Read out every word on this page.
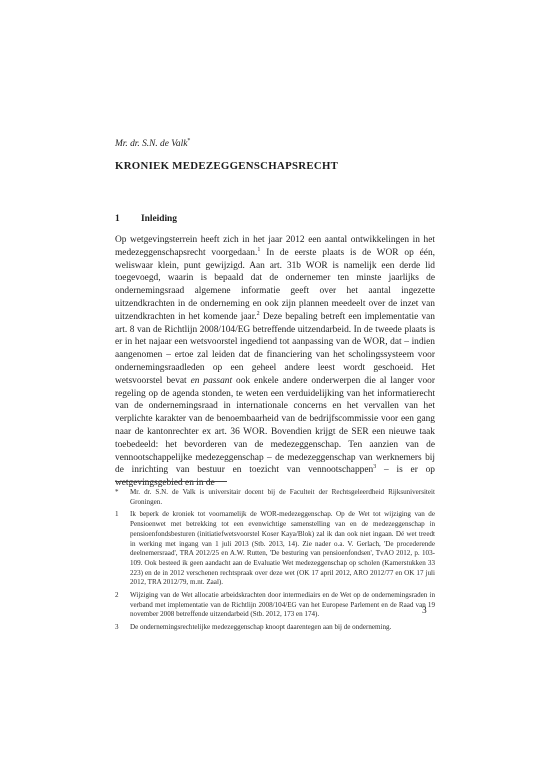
Mr. dr. S.N. de Valk*
KRONIEK MEDEZEGGENSCHAPSRECHT
1 Inleiding

Op wetgevingsterrein heeft zich in het jaar 2012 een aantal ontwikkelingen in het medezeggenschapsrecht voorgedaan.$^1$ In de eerste plaats is de WOR op één, weliswaar klein, punt gewijzigd. Aan art. 31b WOR is namelijk een derde lid toegevoegd, waarin is bepaald dat de ondernemer ten minste jaarlijks de ondernemingsraad algemene informatie geeft over het aantal ingezette uitzendkrachten in de onderneming en ook zijn plannen meedeelt over de inzet van uitzendkrachten in het komende jaar.$^2$ Deze bepaling betreft een implementatie van art. 8 van de Richtlijn 2008/104/EG betreffende uitzendarbeid. In de tweede plaats is er in het najaar een wetsvoorstel ingediend tot aanpassing van de WOR, dat – indien aangenomen – ertoe zal leiden dat de financiering van het scholingssysteem voor ondernemingsraadleden op een geheel andere leest wordt geschoeid. Het wetsvoorstel bevat en passant ook enkele andere onderwerpen die al langer voor regeling op de agenda stonden, te weten een verduidelijking van het informatierecht van de ondernemingsraad in internationale concerns en het vervallen van het verplichte karakter van de benoembaarheid van de bedrijfscommissie voor een gang naar de kantonrechter ex art. 36 WOR. Bovendien krijgt de SER een nieuwe taak toebedeeld: het bevorderen van de medezeggenschap. Ten aanzien van de vennootschappelijke medezeggenschap – de medezeggenschap van werknemers bij de inrichting van bestuur en toezicht van vennootschappen$^3$ – is er op wetgevingsgebied en in de

*	Mr. dr. S.N. de Valk is universitair docent bij de Faculteit der Rechtsgeleerdheid Rijksuniversiteit Groningen.
1	Ik beperk de kroniek tot voornamelijk de WOR-medezeggenschap. Op de Wet tot wijziging van de Pensioenwet met betrekking tot een evenwichtige samenstelling van en de medezeggenschap in pensioenfondsbesturen (initiatiefwetsvoorstel Koser Kaya/Blok) zal ik dan ook niet ingaan. Dé wet treedt in werking met ingang van 1 juli 2013 (Stb. 2013, 14). Zie nader o.a. V. Gerlach, 'De procederende deelnemersraad', TRA 2012/25 en A.W. Rutten, 'De besturing van pensioenfondsen', TvAO 2012, p. 103-109. Ook besteed ik geen aandacht aan de Evaluatie Wet medezeggenschap op scholen (Kamerstukken 33 223) en de in 2012 verschenen rechtspraak over deze wet (OK 17 april 2012, ARO 2012/77 en OK 17 juli 2012, TRA 2012/79, m.nt. Zaal).
2	Wijziging van de Wet allocatie arbeidskrachten door intermediairs en de Wet op de ondernemingsraden in verband met implementatie van de Richtlijn 2008/104/EG van het Europese Parlement en de Raad van 19 november 2008 betreffende uitzendarbeid (Stb. 2012, 173 en 174).
3	De ondernemingsrechtelijke medezeggenschap knoopt daarentegen aan bij de onderneming.
3
